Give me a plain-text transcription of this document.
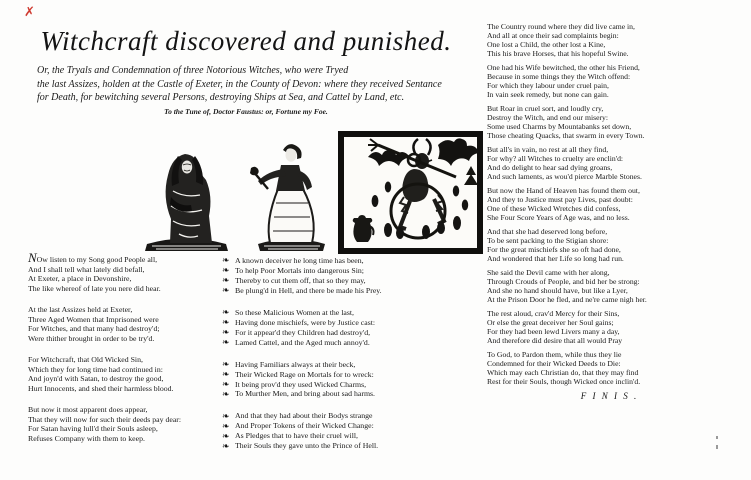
✗
Witchcraft discovered and punished.
Or, the Tryals and Condemnation of three Notorious Witches, who were Tryed
the last Assizes, holden at the Castle of Exeter, in the County of Devon: where they received Sentance
for Death, for bewitching several Persons, destroying Ships at Sea, and Cattel by Land, etc.
To the Tune of, Doctor Faustus: or, Fortune my Foe.
NOw listen to my Song good People all,
And I shall tell what lately did befall,
At Exeter, a place in Devonshire,
The like whereof of late you nere did hear.
At the last Assizes held at Exeter,
Three Aged Women that Imprisoned were
For Witches, and that many had destroy'd;
Were thither brought in order to be try'd.
For Witchcraft, that Old Wicked Sin,
Which they for long time had continued in:
And joyn'd with Satan, to destroy the good,
Hurt Innocents, and shed their harmless blood.
But now it most apparent does appear,
That they will now for such their deeds pay dear:
For Satan having lull'd their Souls asleep,
Refuses Company with them to keep.
❧ A known deceiver he long time has been,
❧ To help Poor Mortals into dangerous Sin;
❧ Thereby to cut them off, that so they may,
❧ Be plung'd in Hell, and there be made his Prey.
❧ So these Malicious Women at the last,
❧ Having done mischiefs, were by Justice cast:
❧ For it appear'd they Children had destroy'd,
❧ Lamed Cattel, and the Aged much annoy'd.
❧ Having Familiars always at their beck,
❧ Their Wicked Rage on Mortals for to wreck:
❧ It being prov'd they used Wicked Charms,
❧ To Murther Men, and bring about sad harms.
❧ And that they had about their Bodys strange
❧ And Proper Tokens of their Wicked Change:
❧ As Pledges that to have their cruel will,
❧ Their Souls they gave unto the Prince of Hell.
The Country round where they did live came in,
And all at once their sad complaints begin:
One lost a Child, the other lost a Kine,
This his brave Horses, that his hopeful Swine.
One had his Wife bewitched, the other his Friend,
Because in some things they the Witch offend:
For which they labour under cruel pain,
In vain seek remedy, but none can gain.
But Roar in cruel sort, and loudly cry,
Destroy the Witch, and end our misery:
Some used Charms by Mountabanks set down,
Those cheating Quacks, that swarm in every Town.
But all's in vain, no rest at all they find,
For why? all Witches to cruelty are enclin'd:
And do delight to hear sad dying groans,
And such laments, as wou'd pierce Marble Stones.
But now the Hand of Heaven has found them out,
And they to Justice must pay Lives, past doubt:
One of these Wicked Wretches did confess,
She Four Score Years of Age was, and no less.
And that she had deserved long before,
To be sent packing to the Stigian shore:
For the great mischiefs she so oft had done,
And wondered that her Life so long had run.
She said the Devil came with her along,
Through Crouds of People, and bid her be strong:
And she no hand should have, but like a Lyer,
At the Prison Door he fled, and ne're came nigh her.
The rest aloud, crav'd Mercy for their Sins,
Or else the great deceiver her Soul gains;
For they had been lewd Livers many a day,
And therefore did desire that all would Pray
To God, to Pardon them, while thus they lie
Condemned for their Wicked Deeds to Die:
Which may each Christian do, that they may find
Rest for their Souls, though Wicked once inclin'd.
F I N I S .
